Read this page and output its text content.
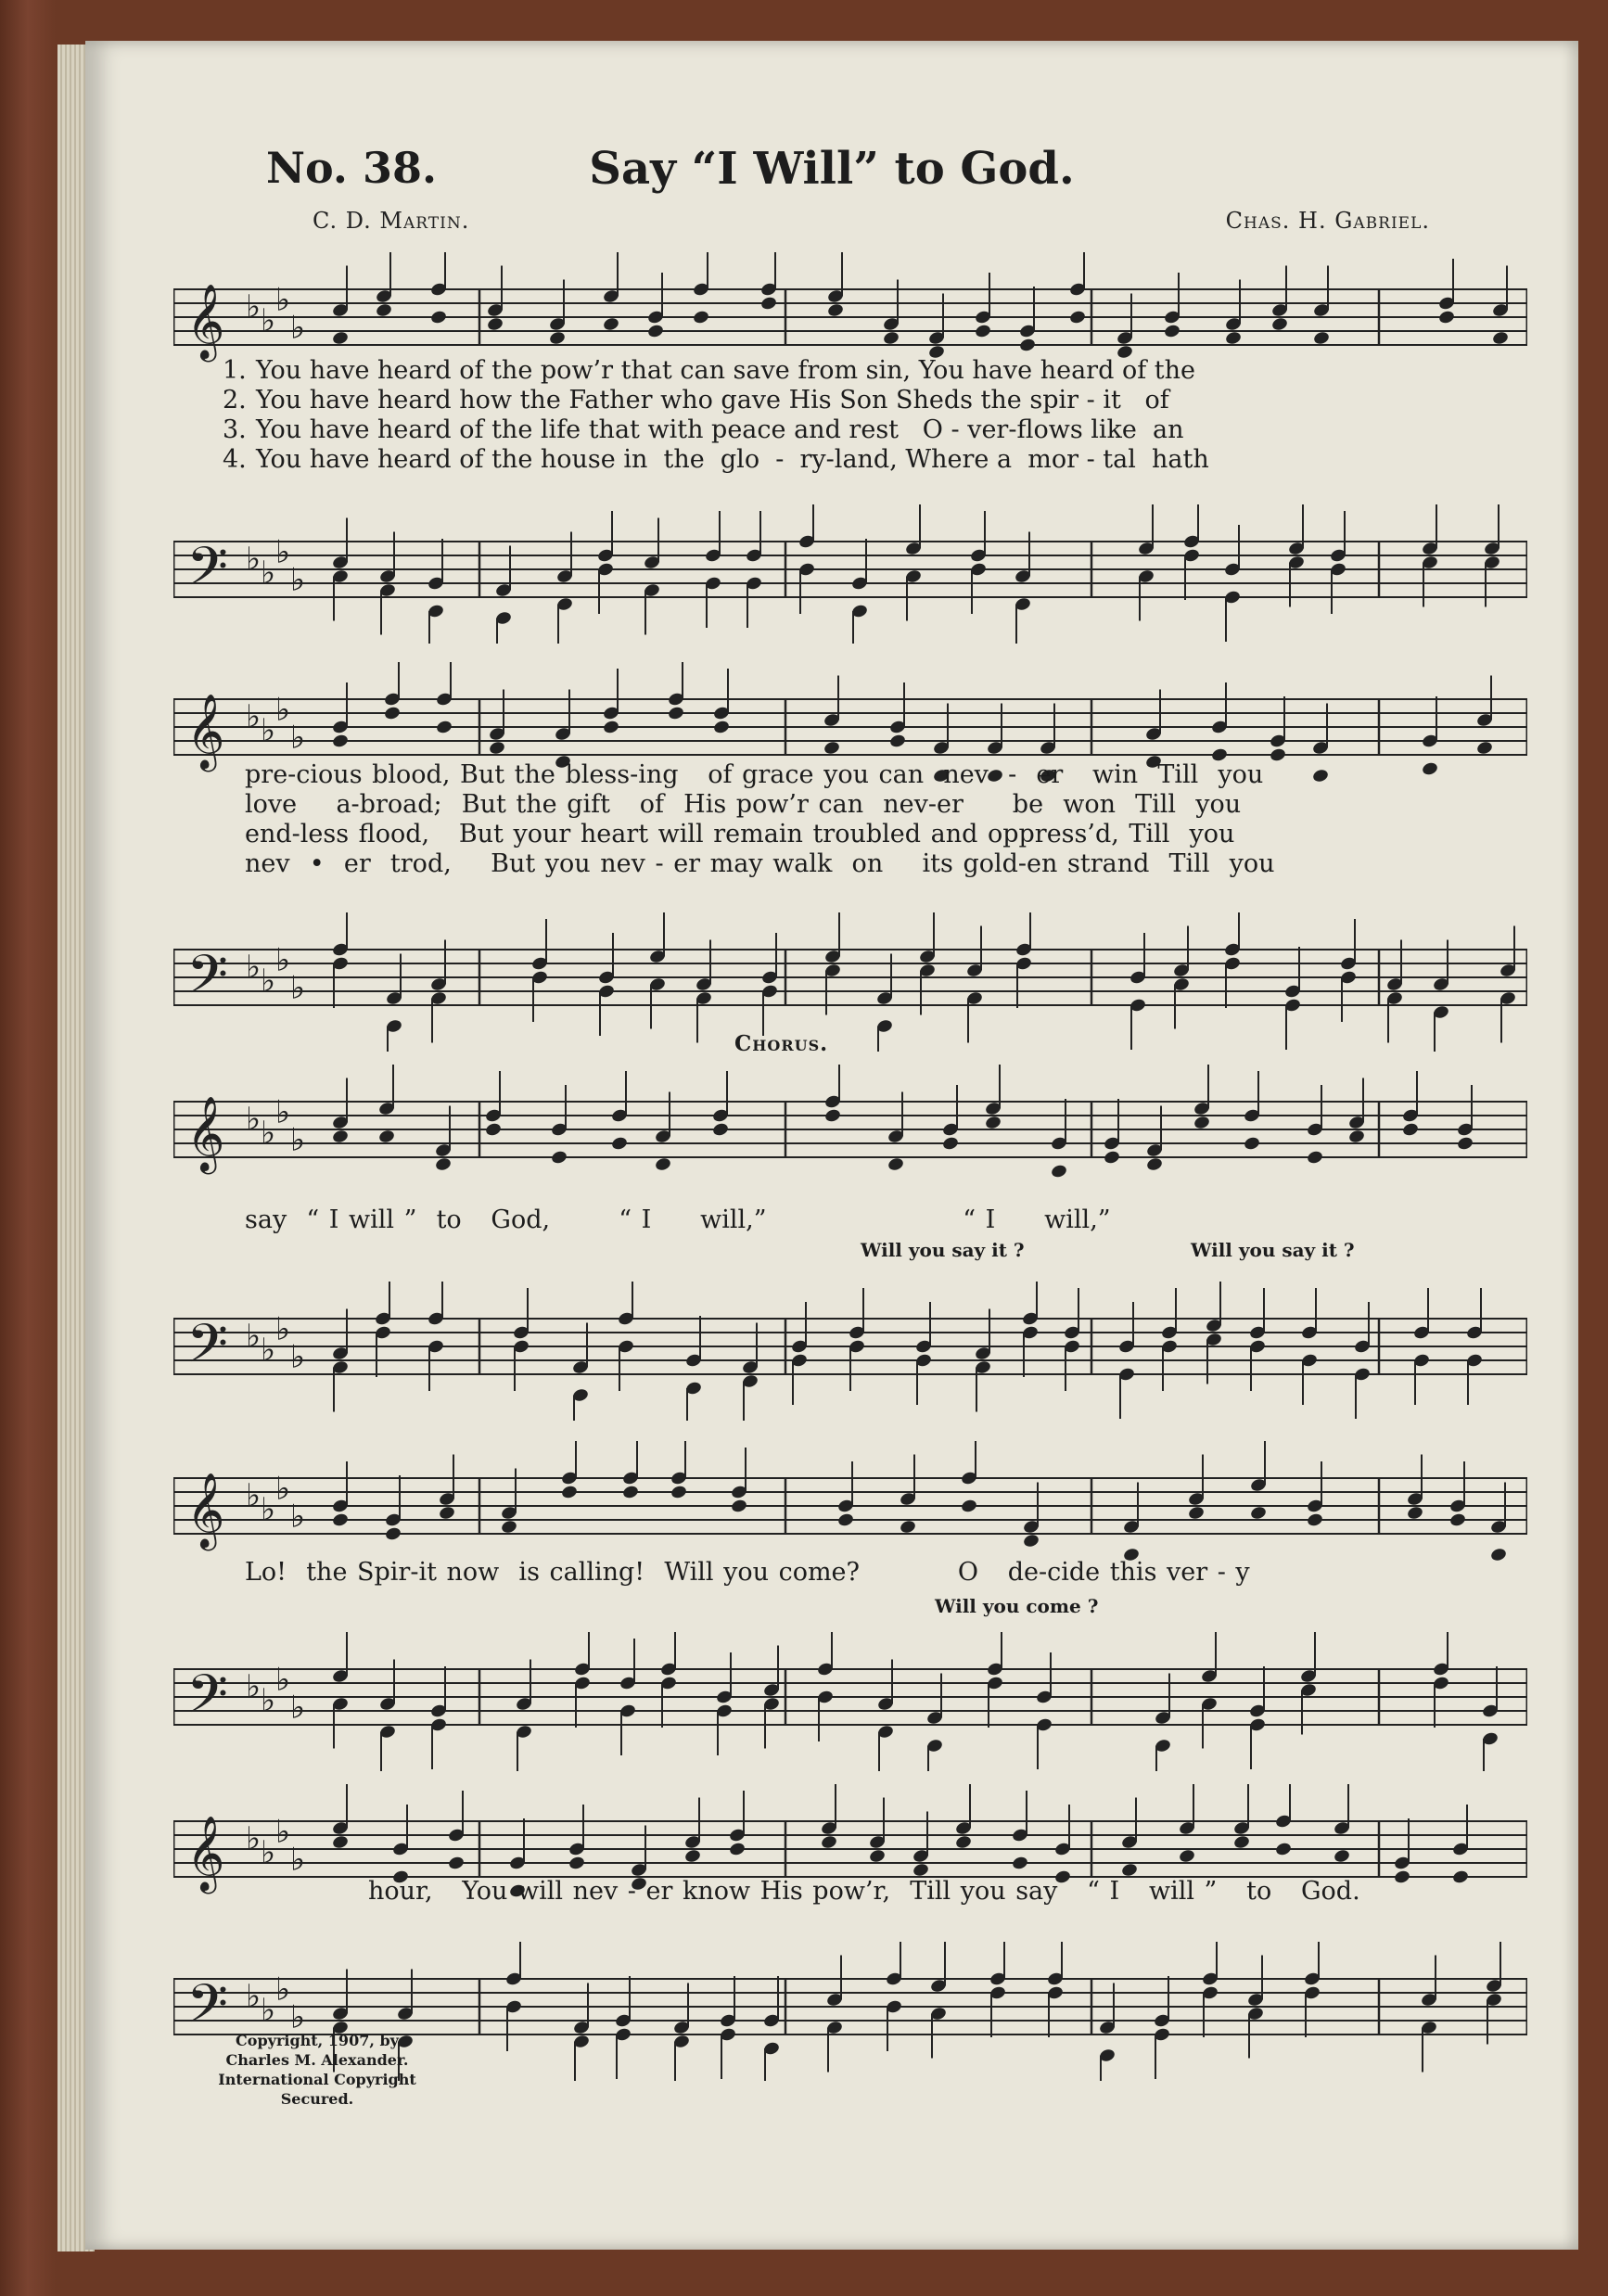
No. 38.	Say “I Will” to God.
C. D. Martin.	Chas. H. Gabriel.
𝄞 ♭ ♭
♭
♭
1. You have heard of the pow’r that can save from sin, You have heard of the
2. You have heard how the Father who gave His Son Sheds the spir - it   of
3. You have heard of the life that with peace and rest   O - ver-flows like  an
4. You have heard of the house in  the  glo  -  ry-land, Where a  mor - tal  hath
𝄢 ♭ ♭
♭
♭
𝄞 ♭ ♭
♭
♭
pre-cious blood, But the bless-ing   of grace you can  nev  -  er   win  Till  you
love    a-broad;  But the gift   of  His pow’r can  nev-er     be  won  Till  you
end-less flood,   But your heart will remain troubled and oppress’d, Till  you
nev  •  er  trod,    But you nev - er may walk  on    its gold-en strand  Till  you
𝄢 ♭ ♭
♭
♭
Chorus.
𝄞 ♭ ♭
♭
♭
say  “ I will ”  to   God,       “ I     will,”                    “ I     will,”
Will you say it ?	Will you say it ?
𝄢 ♭ ♭
♭
♭
𝄞 ♭ ♭
♭
♭
Lo!  the Spir-it now  is calling!  Will you come?          O   de-cide this ver - y
Will you come ?
𝄢 ♭ ♭
♭
♭
𝄞 ♭ ♭
♭
♭
hour,   You will nev - er know His pow’r,  Till you say   “ I   will ”   to   God.
𝄢 ♭ ♭
♭
♭
Copyright, 1907, by
Charles M. Alexander.
International Copyright Secured.
